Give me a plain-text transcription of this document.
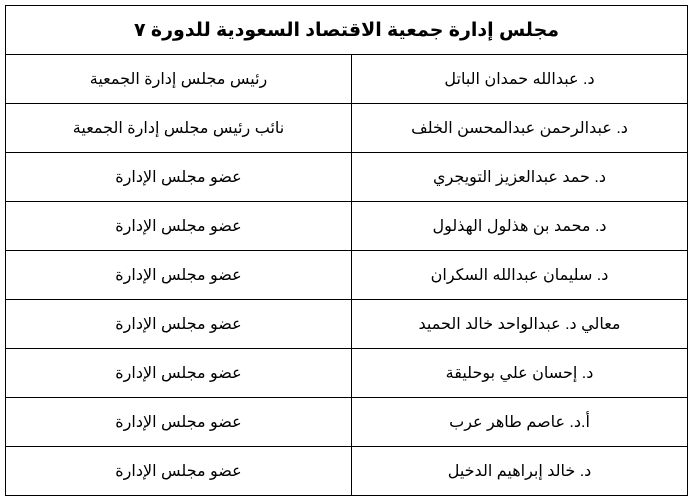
مجلس إدارة جمعية الاقتصاد السعودية للدورة ٧	
د. عبدالله حمدان الباتل	رئيس مجلس إدارة الجمعية
د. عبدالرحمن عبدالمحسن الخلف	نائب رئيس مجلس إدارة الجمعية
د. حمد عبدالعزيز التويجري	عضو مجلس الإدارة
د. محمد بن هذلول الهذلول	عضو مجلس الإدارة
د. سليمان عبدالله السكران	عضو مجلس الإدارة
معالي د. عبدالواحد خالد الحميد	عضو مجلس الإدارة
د. إحسان علي بوحليقة	عضو مجلس الإدارة
أ.د. عاصم طاهر عرب	عضو مجلس الإدارة
د. خالد إبراهيم الدخيل	عضو مجلس الإدارة
